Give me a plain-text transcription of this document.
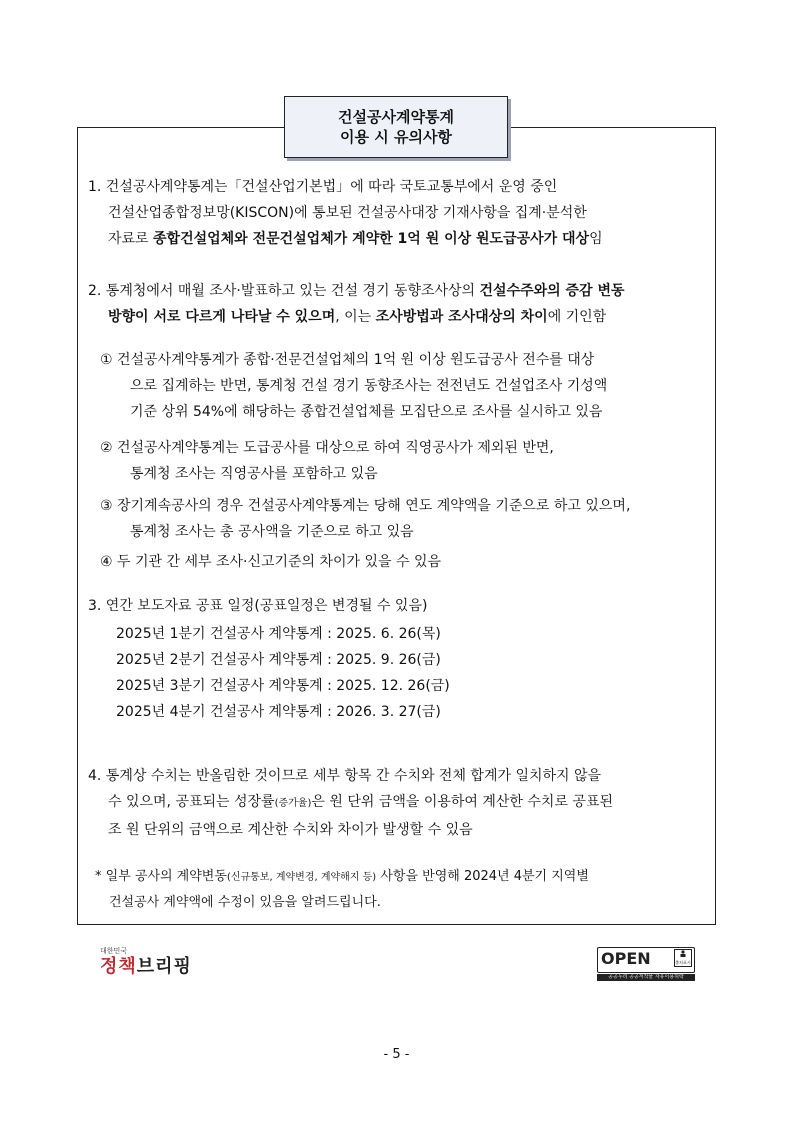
건설공사계약통계
이용 시 유의사항
1. 건설공사계약통계는「건설산업기본법」에 따라 국토교통부에서 운영 중인
건설산업종합정보망(KISCON)에 통보된 건설공사대장 기재사항을 집계·분석한
자료로 종합건설업체와 전문건설업체가 계약한 1억 원 이상 원도급공사가 대상임
2. 통계청에서 매월 조사·발표하고 있는 건설 경기 동향조사상의 건설수주와의 증감 변동
방향이 서로 다르게 나타날 수 있으며, 이는 조사방법과 조사대상의 차이에 기인함
① 건설공사계약통계가 종합·전문건설업체의 1억 원 이상 원도급공사 전수를 대상
으로 집계하는 반면, 통계청 건설 경기 동향조사는 전전년도 건설업조사 기성액
기준 상위 54%에 해당하는 종합건설업체를 모집단으로 조사를 실시하고 있음
② 건설공사계약통계는 도급공사를 대상으로 하여 직영공사가 제외된 반면,
통계청 조사는 직영공사를 포함하고 있음
③ 장기계속공사의 경우 건설공사계약통계는 당해 연도 계약액을 기준으로 하고 있으며,
통계청 조사는 총 공사액을 기준으로 하고 있음
④ 두 기관 간 세부 조사·신고기준의 차이가 있을 수 있음
3. 연간 보도자료 공표 일정(공표일정은 변경될 수 있음)
2025년 1분기 건설공사 계약통계 : 2025. 6. 26(목)
2025년 2분기 건설공사 계약통계 : 2025. 9. 26(금)
2025년 3분기 건설공사 계약통계 : 2025. 12. 26(금)
2025년 4분기 건설공사 계약통계 : 2026. 3. 27(금)
4. 통계상 수치는 반올림한 것이므로 세부 항목 간 수치와 전체 합계가 일치하지 않을
수 있으며, 공표되는 성장률(증가율)은 원 단위 금액을 이용하여 계산한 수치로 공표된
조 원 단위의 금액으로 계산한 수치와 차이가 발생할 수 있음
* 일부 공사의 계약변동(신규통보, 계약변경, 계약해지 등) 사항을 반영해 2024년 4분기 지역별
건설공사 계약액에 수정이 있음을 알려드립니다.
대한민국
정책브리핑	OPEN	출처표시
공공누리 공공저작물 자유이용허락
- 5 -
